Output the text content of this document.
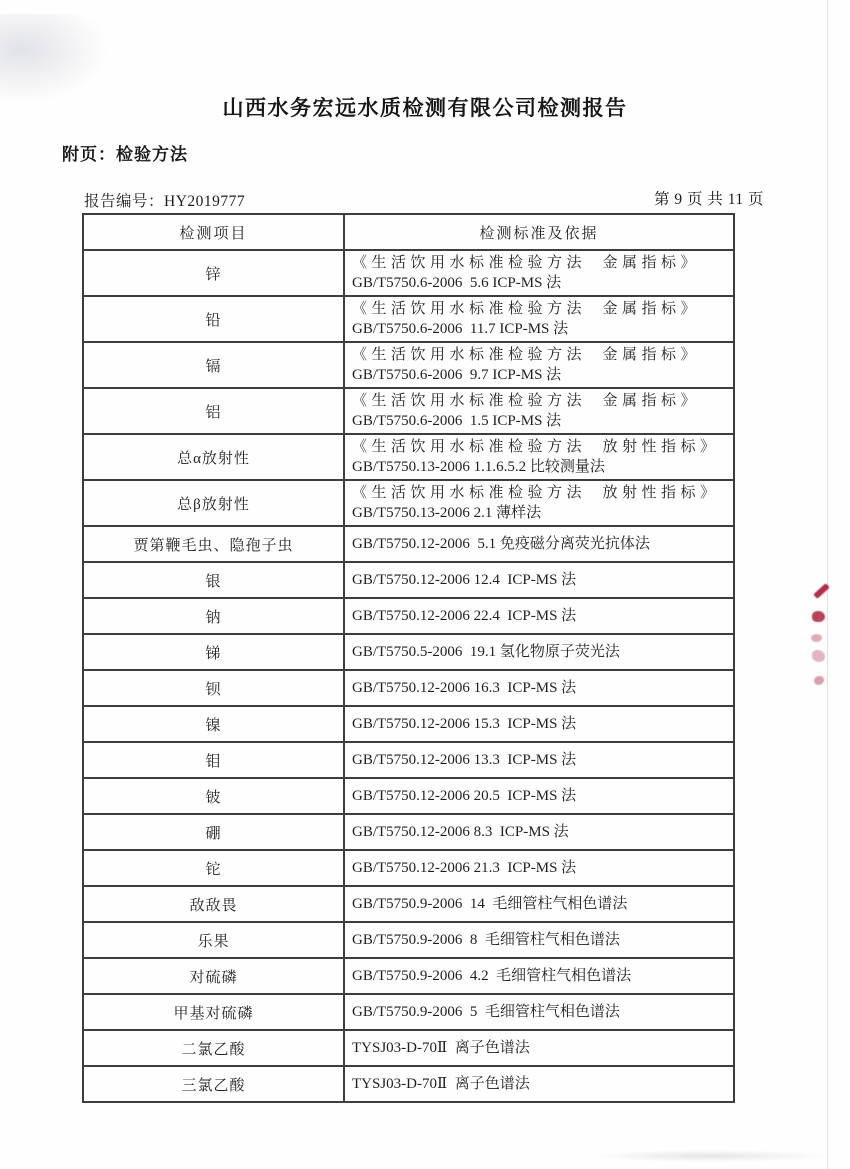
山西水务宏远水质检测有限公司检测报告
附页：检验方法
报告编号：HY2019777	第 9 页 共 11 页
检测项目	检测标准及依据
锌	《生活饮用水标准检验方法  金属指标》
GB/T5750.6-2006  5.6 ICP-MS 法

铅	《生活饮用水标准检验方法  金属指标》
GB/T5750.6-2006  11.7 ICP-MS 法

镉	《生活饮用水标准检验方法  金属指标》
GB/T5750.6-2006  9.7 ICP-MS 法

铝	《生活饮用水标准检验方法  金属指标》
GB/T5750.6-2006  1.5 ICP-MS 法

总α放射性	《生活饮用水标准检验方法  放射性指标》
GB/T5750.13-2006 1.1.6.5.2 比较测量法

总β放射性	《生活饮用水标准检验方法  放射性指标》
GB/T5750.13-2006 2.1 薄样法

贾第鞭毛虫、隐孢子虫	GB/T5750.12-2006  5.1 免疫磁分离荧光抗体法

银	GB/T5750.12-2006 12.4  ICP-MS 法

钠	GB/T5750.12-2006 22.4  ICP-MS 法

锑	GB/T5750.5-2006  19.1 氢化物原子荧光法

钡	GB/T5750.12-2006 16.3  ICP-MS 法

镍	GB/T5750.12-2006 15.3  ICP-MS 法

钼	GB/T5750.12-2006 13.3  ICP-MS 法

铍	GB/T5750.12-2006 20.5  ICP-MS 法

硼	GB/T5750.12-2006 8.3  ICP-MS 法

铊	GB/T5750.12-2006 21.3  ICP-MS 法

敌敌畏	GB/T5750.9-2006  14  毛细管柱气相色谱法

乐果	GB/T5750.9-2006  8  毛细管柱气相色谱法

对硫磷	GB/T5750.9-2006  4.2  毛细管柱气相色谱法

甲基对硫磷	GB/T5750.9-2006  5  毛细管柱气相色谱法

二氯乙酸	TYSJ03-D-70Ⅱ  离子色谱法

三氯乙酸	TYSJ03-D-70Ⅱ  离子色谱法
